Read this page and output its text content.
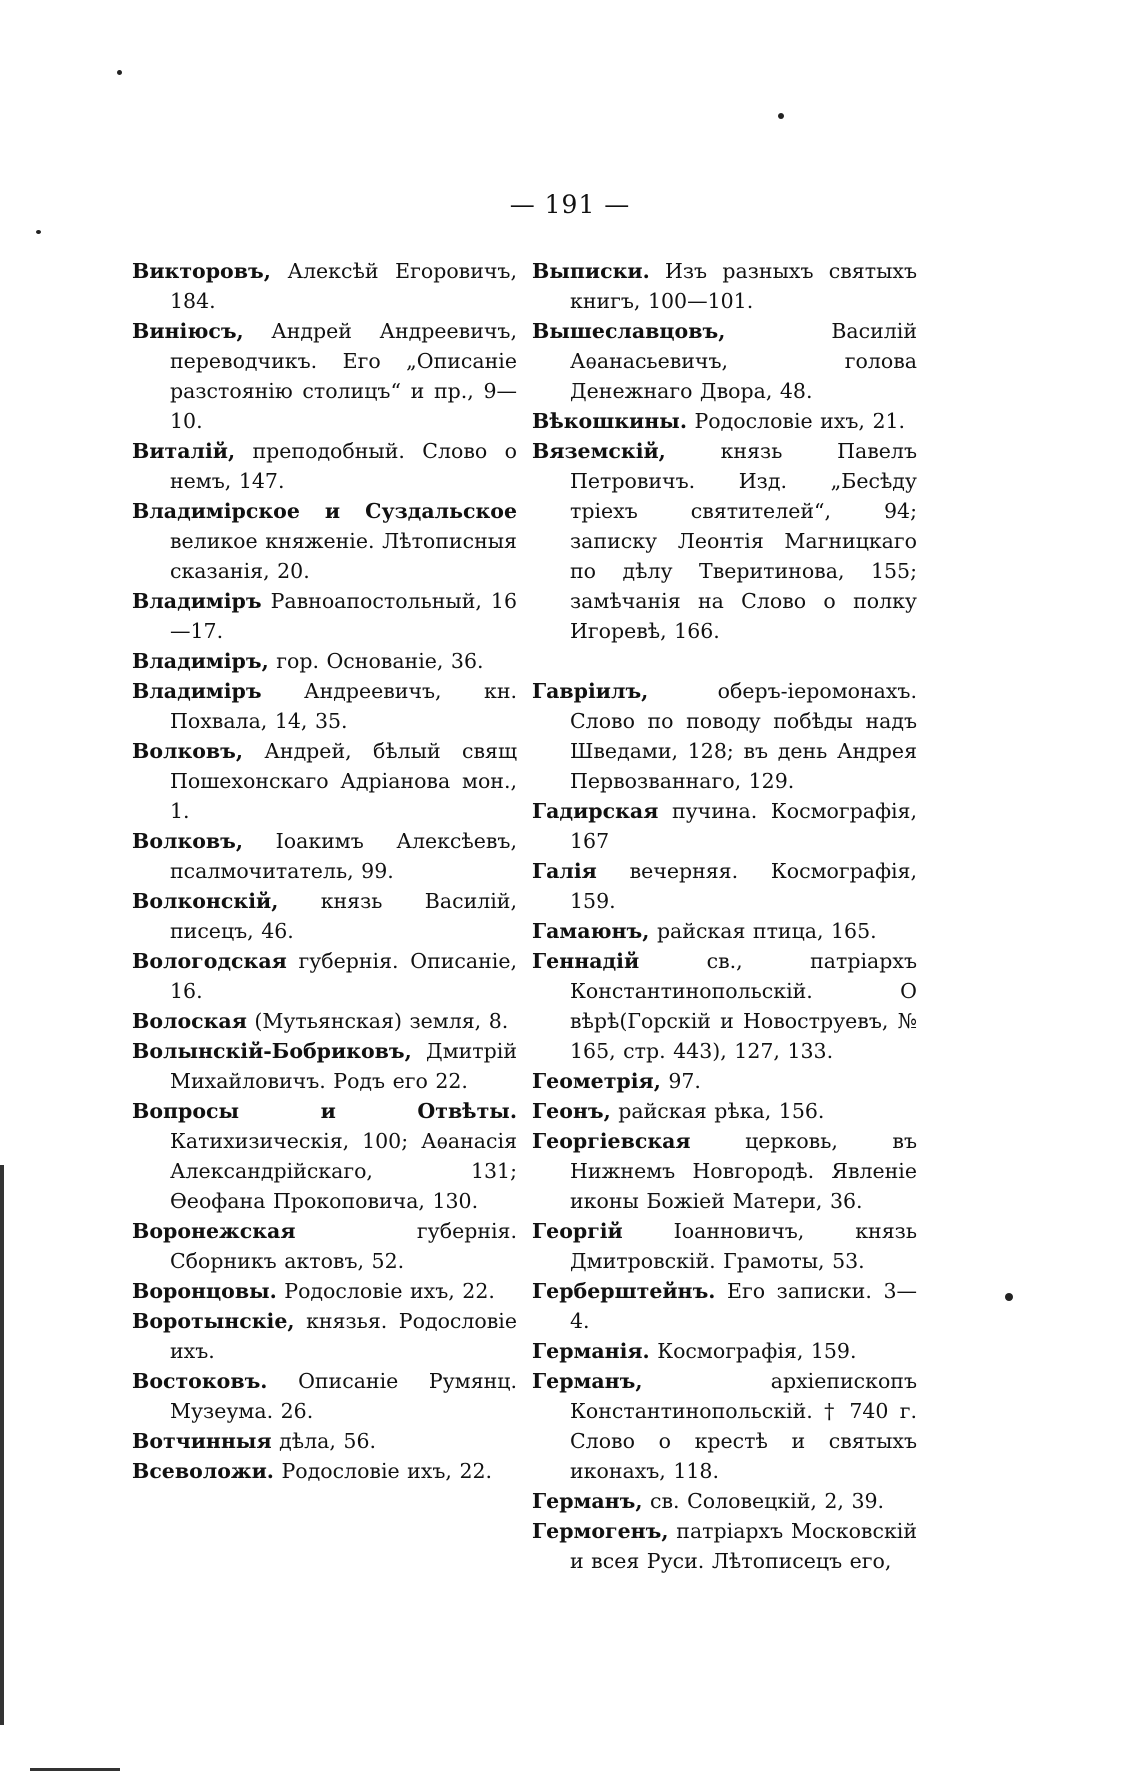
— 191 —

Викторовъ, Алексѣй Егоровичъ, 184.

Виніюсъ, Андрей Андреевичъ, переводчикъ. Его „Описаніе разстоянію столицъ“ и пр., 9—10.

Виталій, преподобный. Слово о немъ, 147.

Владимірское и Суздальское великое княженіе. Лѣтописныя сказанія, 20.

Владиміръ Равноапостольный, 16—17.

Владиміръ, гор. Основаніе, 36.

Владиміръ Андреевичъ, кн. Похвала, 14, 35.

Волковъ, Андрей, бѣлый свящ Пошехонскаго Адріанова мон., 1.

Волковъ, Іоакимъ Алексѣевъ, псалмочитатель, 99.

Волконскій, князь Василій, писецъ, 46.

Вологодская губернія. Описаніе, 16.

Волоская (Мутьянская) земля, 8.

Волынскій-Бобриковъ, Дмитрій Михайловичъ. Родъ его 22.

Вопросы и Отвѣты. Катихизическія, 100; Аѳанасія Александрійскаго, 131; Ѳеофана Прокоповича, 130.

Воронежская губернія. Сборникъ актовъ, 52.

Воронцовы. Родословіе ихъ, 22.

Воротынскіе, князья. Родословіе ихъ.

Востоковъ. Описаніе Румянц. Музеума. 26.

Вотчинныя дѣла, 56.

Всеволожи. Родословіе ихъ, 22.

Выписки. Изъ разныхъ святыхъ книгъ, 100—101.

Вышеславцовъ, Василій Аѳанасьевичъ, голова Денежнаго Двора, 48.

Вѣкошкины. Родословіе ихъ, 21.

Вяземскій, князь Павелъ Петровичъ. Изд. „Бесѣду тріехъ святителей“, 94; записку Леонтія Магницкаго по дѣлу Тверитинова, 155; замѣчанія на Слово о полку Игоревѣ, 166.

Гавріилъ, оберъ-іеромонахъ. Слово по поводу побѣды надъ Шведами, 128; въ день Андрея Первозваннаго, 129.

Гадирская пучина. Космографія, 167

Галія вечерняя. Космографія, 159.

Гамаюнъ, райская птица, 165.

Геннадій св., патріархъ Константинопольскій. О вѣрѣ(Горскій и Новоструевъ, № 165, стр. 443), 127, 133.

Геометрія, 97.

Геонъ, райская рѣка, 156.

Георгіевская церковь, въ Нижнемъ Новгородѣ. Явленіе иконы Божіей Матери, 36.

Георгій Іоанновичъ, князь Дмитровскій. Грамоты, 53.

Герберштейнъ. Его записки. 3—4.

Германія. Космографія, 159.

Германъ, архіепископъ Константинопольскій. † 740 г. Слово о крестѣ и святыхъ иконахъ, 118.

Германъ, св. Соловецкій, 2, 39.

Гермогенъ, патріархъ Московскій и всея Руси. Лѣтописецъ его,
